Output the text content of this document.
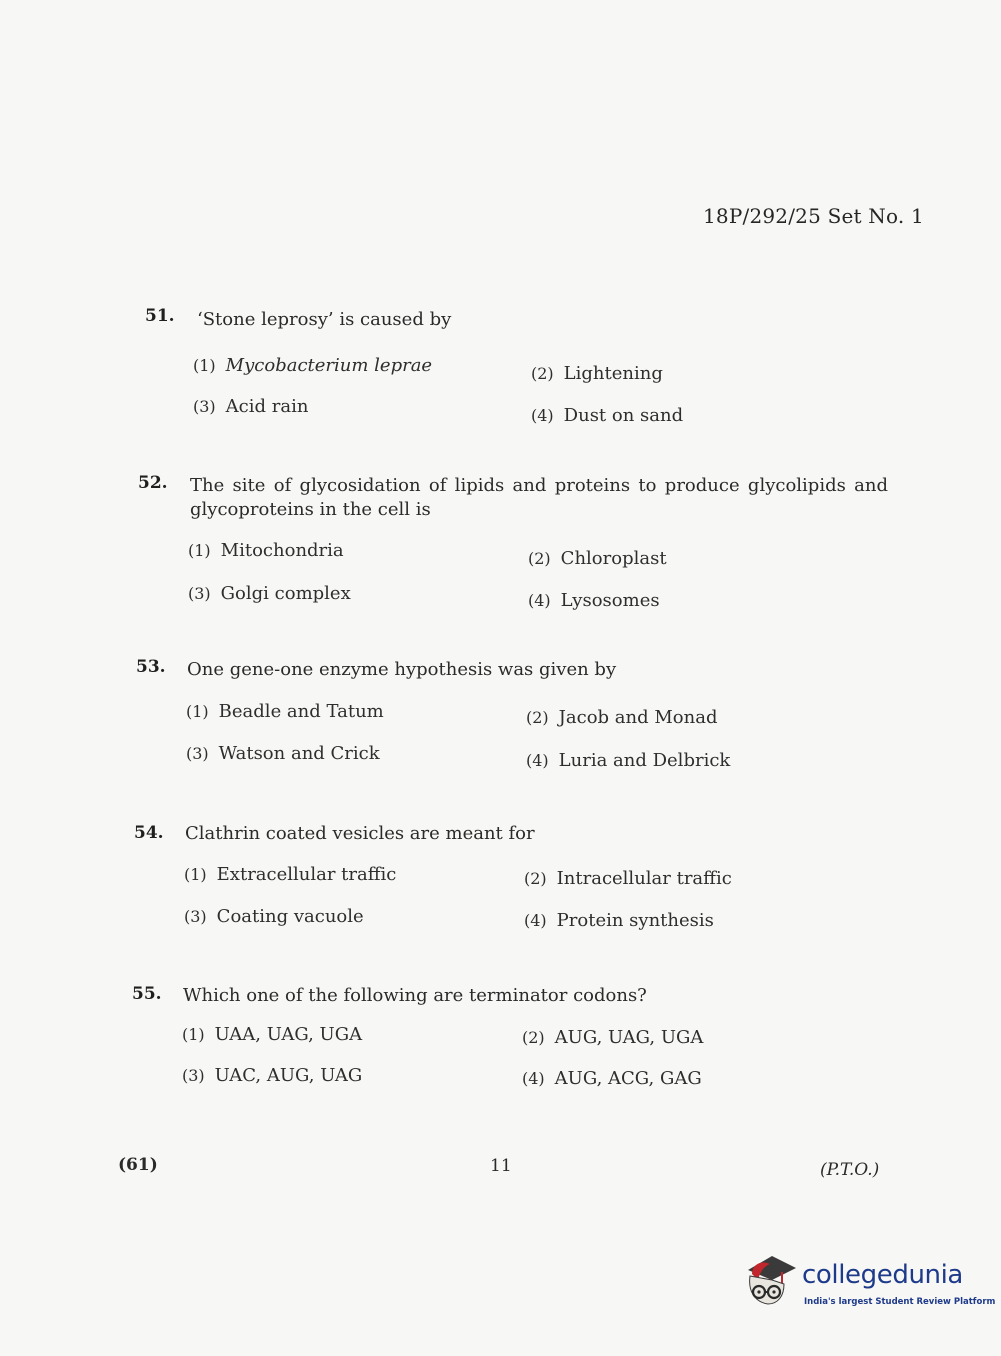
18P/292/25 Set No. 1
51. ‘Stone leprosy’ is caused by
(1) Mycobacterium leprae	(2) Lightening
(3) Acid rain	(4) Dust on sand
52. The site of glycosidation of lipids and proteins to produce glycolipids and glycoproteins in the cell is
(1) Mitochondria	(2) Chloroplast
(3) Golgi complex	(4) Lysosomes
53. One gene-one enzyme hypothesis was given by
(1) Beadle and Tatum	(2) Jacob and Monad
(3) Watson and Crick	(4) Luria and Delbrick
54. Clathrin coated vesicles are meant for
(1) Extracellular traffic	(2) Intracellular traffic
(3) Coating vacuole	(4) Protein synthesis
55. Which one of the following are terminator codons?
(1) UAA, UAG, UGA	(2) AUG, UAG, UGA
(3) UAC, AUG, UAG	(4) AUG, ACG, GAG
(61)	11	(P.T.O.)
collegedunia
India's largest Student Review Platform
